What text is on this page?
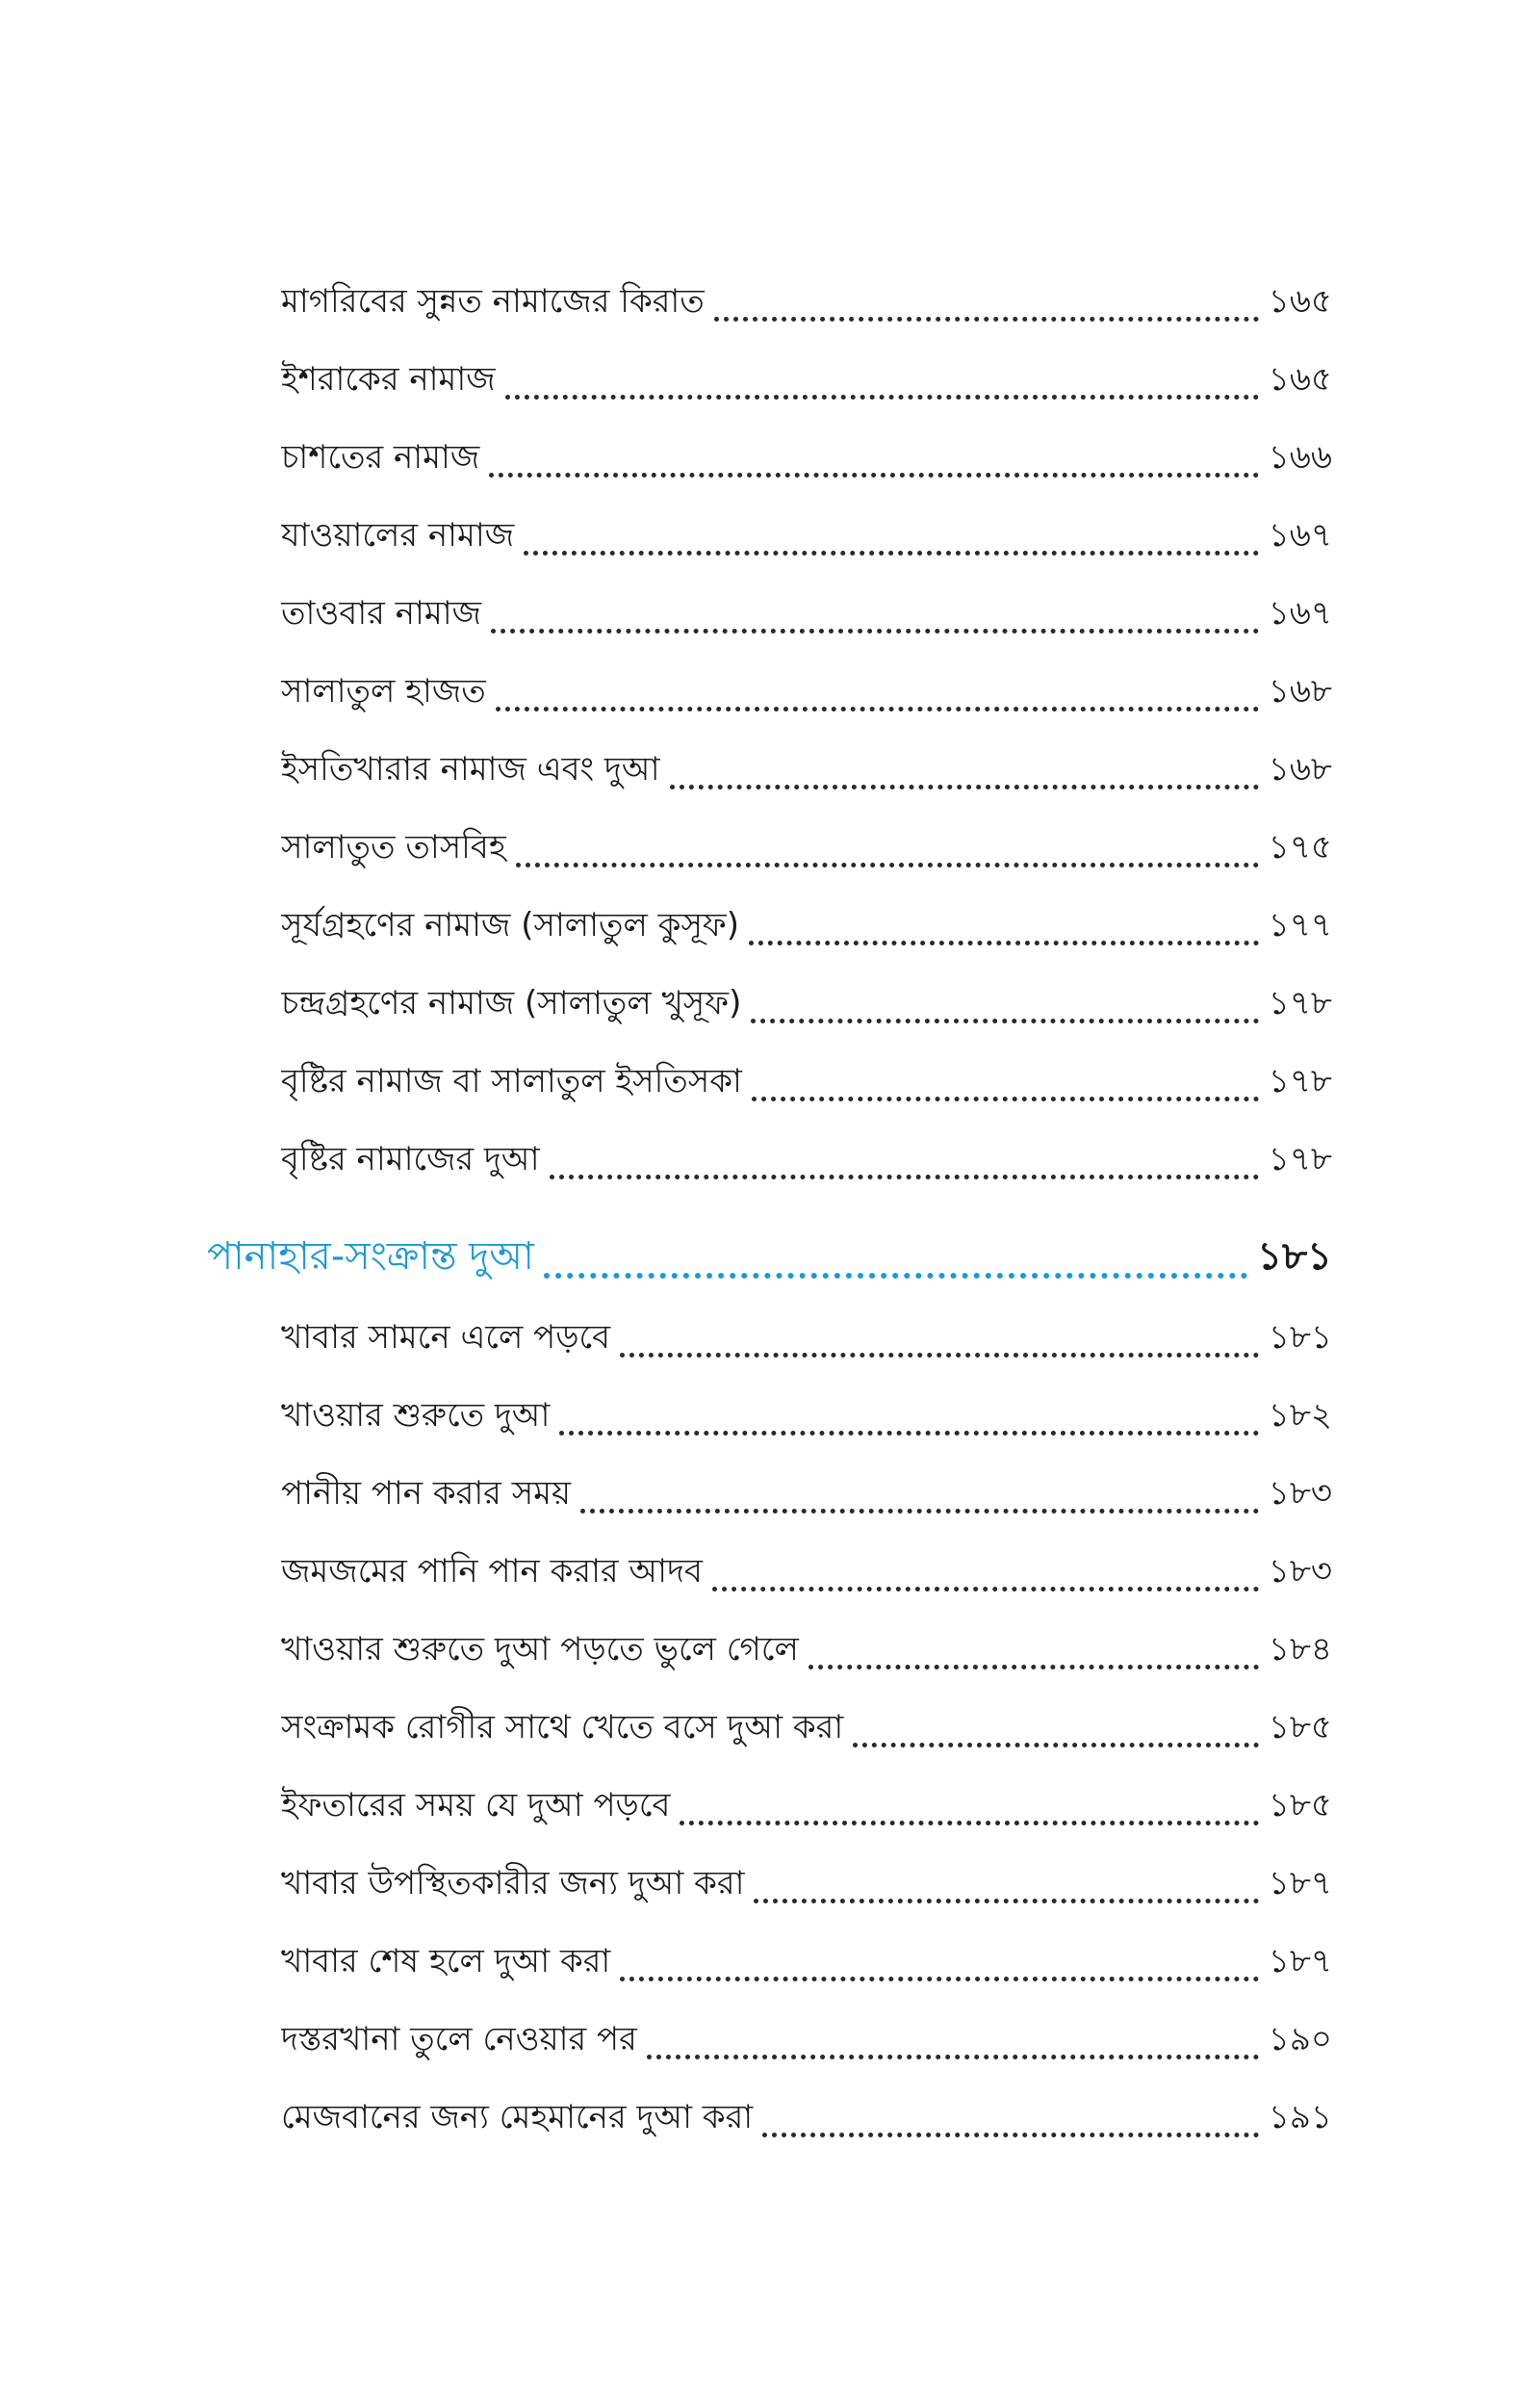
মাগরিবের সুন্নত নামাজের কিরাত	১৬৫
ইশরাকের নামাজ	১৬৫
চাশতের নামাজ	১৬৬
যাওয়ালের নামাজ	১৬৭
তাওবার নামাজ	১৬৭
সালাতুল হাজত	১৬৮
ইসতিখারার নামাজ এবং দুআ	১৬৮
সালাতুত তাসবিহ	১৭৫
সূর্যগ্রহণের নামাজ (সালাতুল কুসূফ)	১৭৭
চন্দ্রগ্রহণের নামাজ (সালাতুল খুসূফ)	১৭৮
বৃষ্টির নামাজ বা সালাতুল ইসতিসকা	১৭৮
বৃষ্টির নামাজের দুআ	১৭৮
পানাহার-সংক্রান্ত দুআ	১৮১
খাবার সামনে এলে পড়বে	১৮১
খাওয়ার শুরুতে দুআ	১৮২
পানীয় পান করার সময়	১৮৩
জমজমের পানি পান করার আদব	১৮৩
খাওয়ার শুরুতে দুআ পড়তে ভুলে গেলে	১৮৪
সংক্রামক রোগীর সাথে খেতে বসে দুআ করা	১৮৫
ইফতারের সময় যে দুআ পড়বে	১৮৫
খাবার উপস্থিতকারীর জন্য দুআ করা	১৮৭
খাবার শেষ হলে দুআ করা	১৮৭
দস্তরখানা তুলে নেওয়ার পর	১৯০
মেজবানের জন্য মেহমানের দুআ করা	১৯১
